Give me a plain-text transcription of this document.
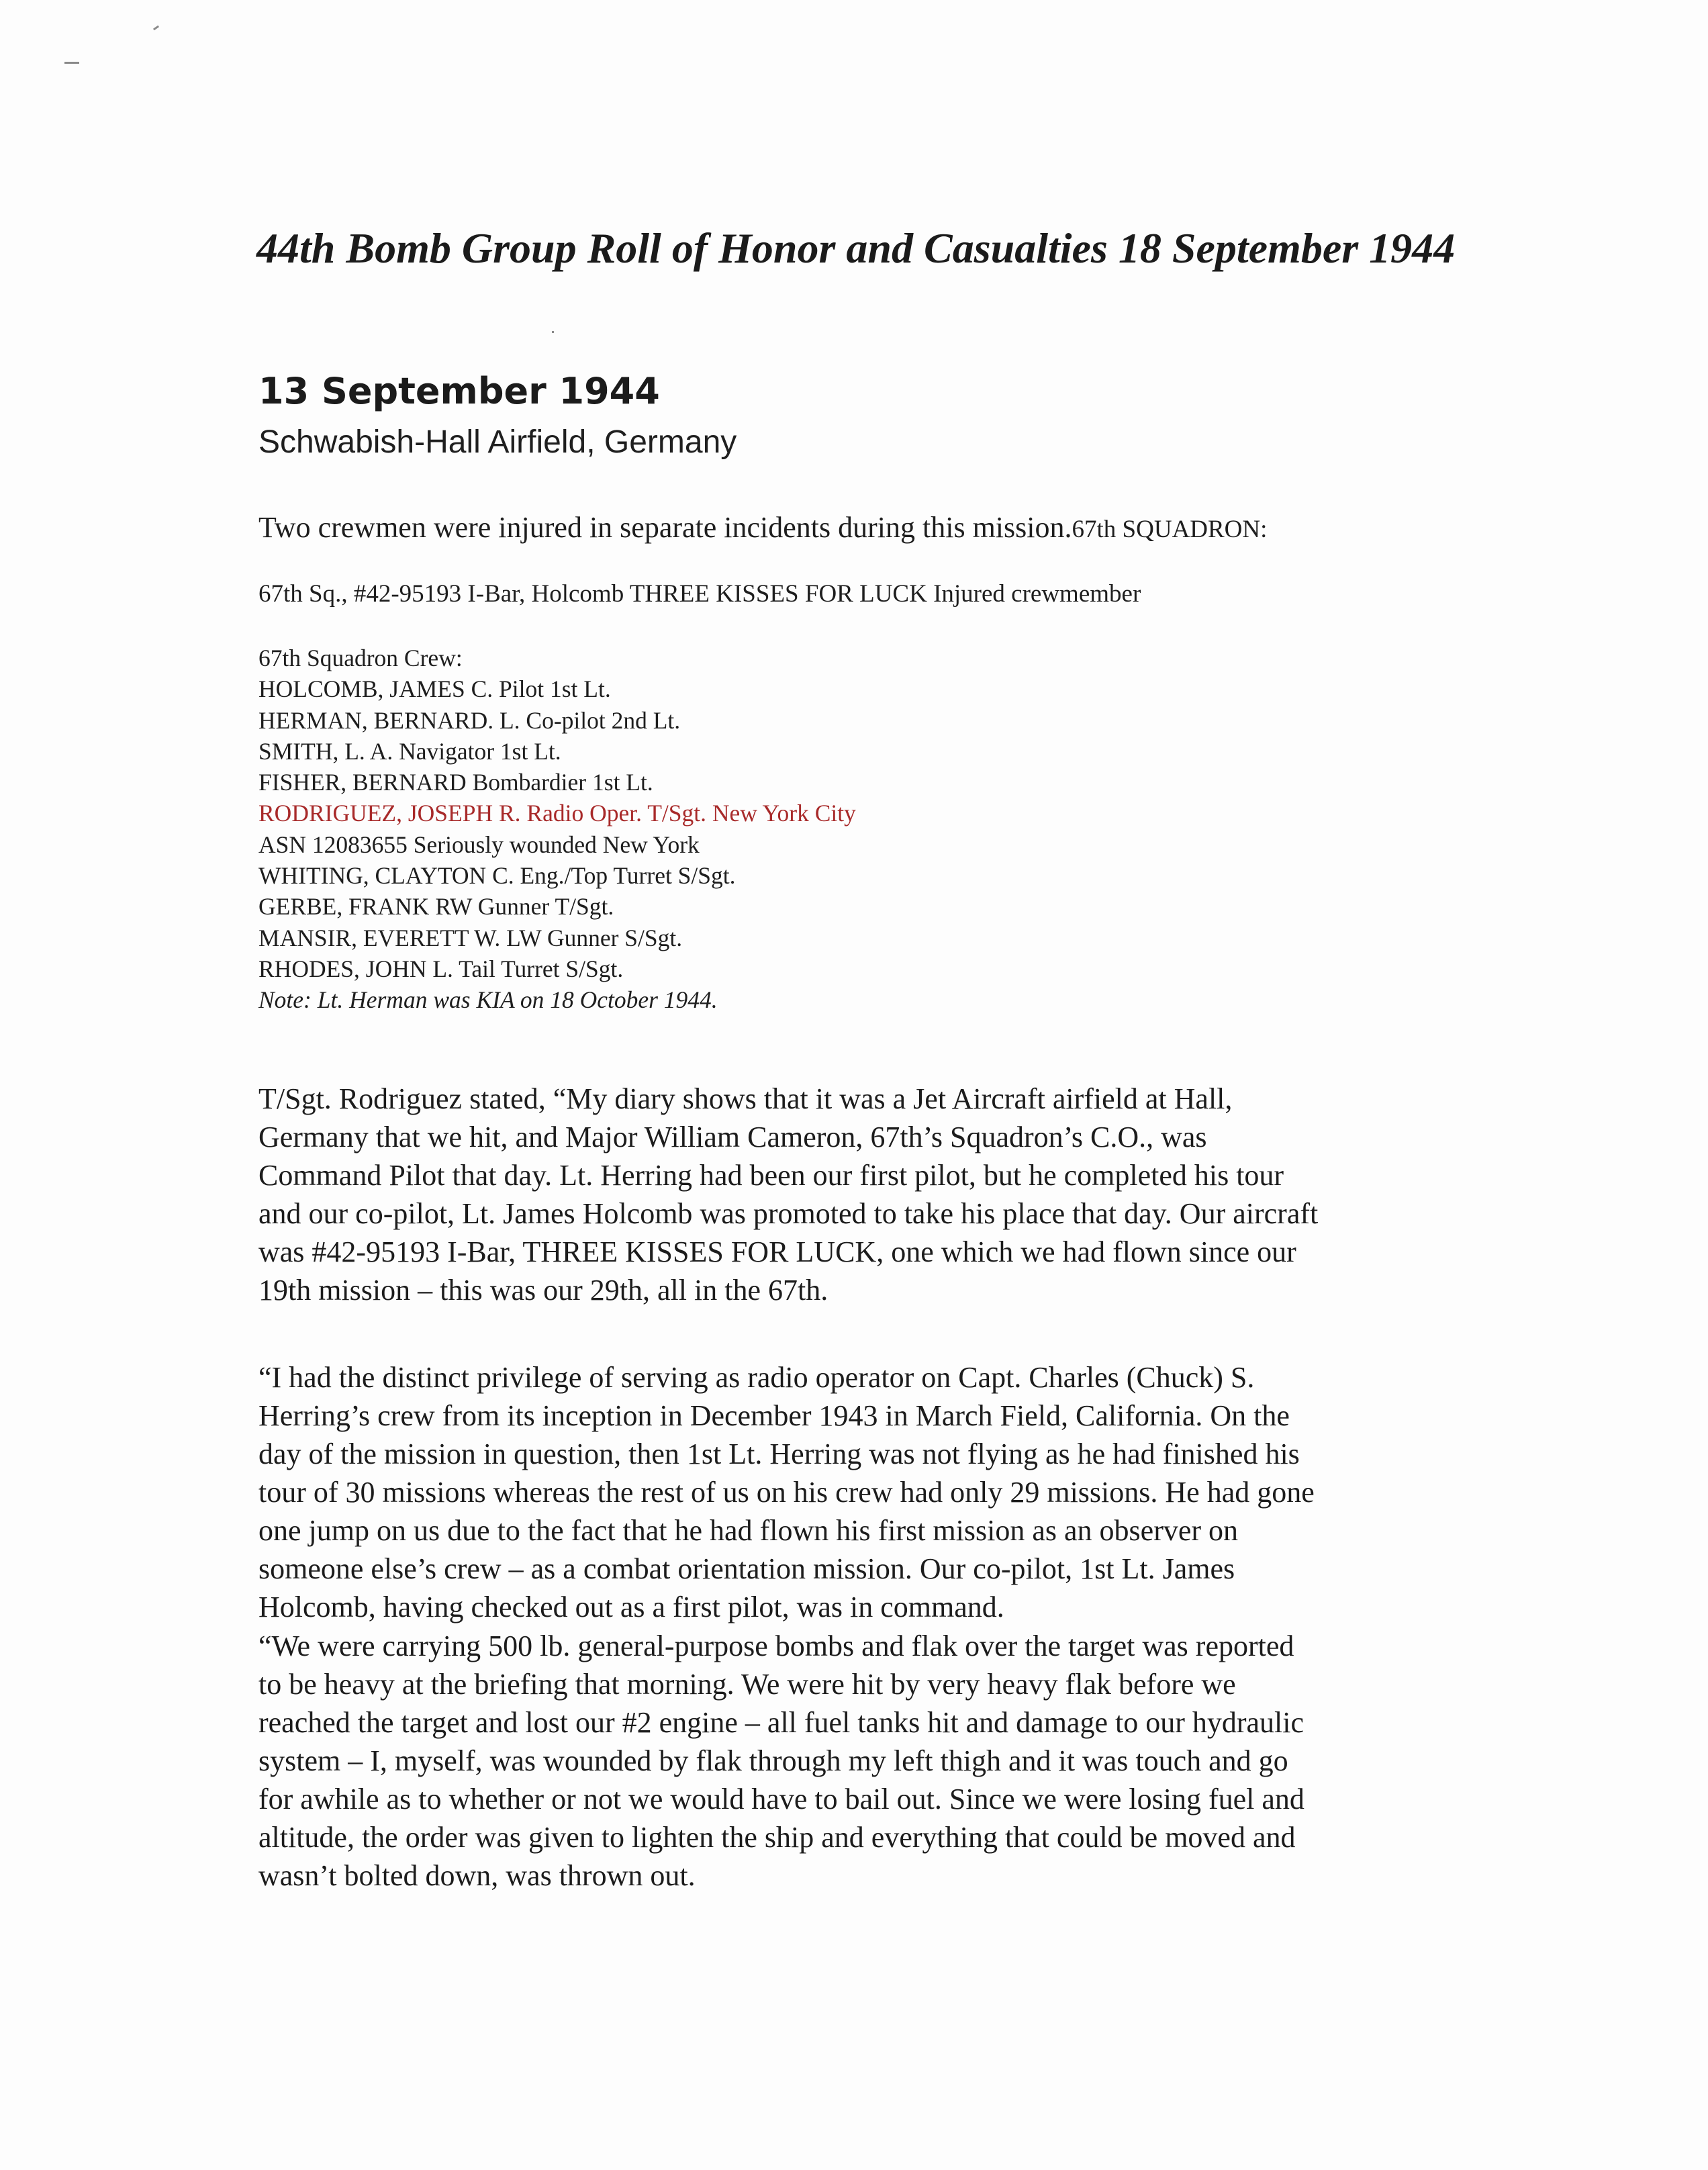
44th Bomb Group Roll of Honor and Casualties 18 September 1944
13 September 1944

Schwabish-Hall Airfield, Germany

Two crewmen were injured in separate incidents during this mission.67th SQUADRON:

67th Sq., #42-95193 I-Bar, Holcomb THREE KISSES FOR LUCK Injured crewmember

67th Squadron Crew:
HOLCOMB, JAMES C. Pilot 1st Lt.
HERMAN, BERNARD. L. Co-pilot 2nd Lt.
SMITH, L. A. Navigator 1st Lt.
FISHER, BERNARD Bombardier 1st Lt.
RODRIGUEZ, JOSEPH R. Radio Oper. T/Sgt. New York City
ASN 12083655 Seriously wounded New York
WHITING, CLAYTON C. Eng./Top Turret S/Sgt.
GERBE, FRANK RW Gunner T/Sgt.
MANSIR, EVERETT W. LW Gunner S/Sgt.
RHODES, JOHN L. Tail Turret S/Sgt.
Note: Lt. Herman was KIA on 18 October 1944.

T/Sgt. Rodriguez stated, “My diary shows that it was a Jet Aircraft airfield at Hall,
Germany that we hit, and Major William Cameron, 67th’s Squadron’s C.O., was
Command Pilot that day. Lt. Herring had been our first pilot, but he completed his tour
and our co-pilot, Lt. James Holcomb was promoted to take his place that day. Our aircraft
was #42-95193 I-Bar, THREE KISSES FOR LUCK, one which we had flown since our
19th mission – this was our 29th, all in the 67th.

“I had the distinct privilege of serving as radio operator on Capt. Charles (Chuck) S.
Herring’s crew from its inception in December 1943 in March Field, California. On the
day of the mission in question, then 1st Lt. Herring was not flying as he had finished his
tour of 30 missions whereas the rest of us on his crew had only 29 missions. He had gone
one jump on us due to the fact that he had flown his first mission as an observer on
someone else’s crew – as a combat orientation mission. Our co-pilot, 1st Lt. James
Holcomb, having checked out as a first pilot, was in command.

“We were carrying 500 lb. general-purpose bombs and flak over the target was reported
to be heavy at the briefing that morning. We were hit by very heavy flak before we
reached the target and lost our #2 engine – all fuel tanks hit and damage to our hydraulic
system – I, myself, was wounded by flak through my left thigh and it was touch and go
for awhile as to whether or not we would have to bail out. Since we were losing fuel and
altitude, the order was given to lighten the ship and everything that could be moved and
wasn’t bolted down, was thrown out.
